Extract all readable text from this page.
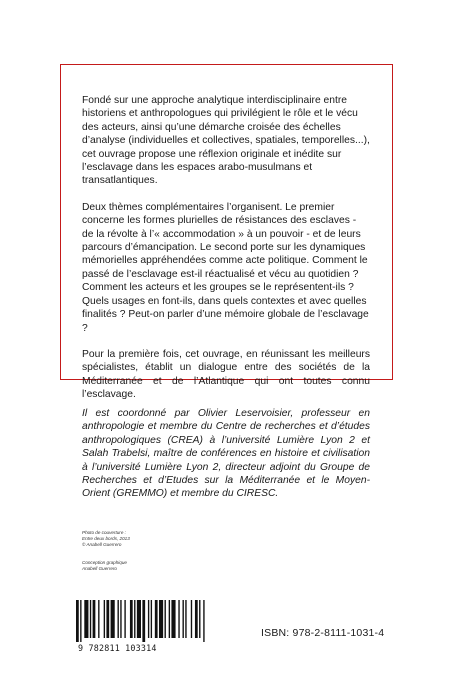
Fondé sur une approche analytique interdisciplinaire entre historiens et anthropologues qui privilégient le rôle et le vécu des acteurs, ainsi qu’une démarche croisée des échelles d’analyse (individuelles et collectives, spatiales, temporelles...), cet ouvrage propose une réflexion originale et inédite sur l’esclavage dans les espaces arabo-musulmans et transatlantiques.

Deux thèmes complémentaires l’organisent. Le premier concerne les formes plurielles de résistances des esclaves - de la révolte à l’« accommodation » à un pouvoir - et de leurs parcours d’émancipation. Le second porte sur les dynamiques mémorielles appréhendées comme acte politique. Comment le passé de l’esclavage est-il réactualisé et vécu au quotidien ? Comment les acteurs et les groupes se le représentent-ils ? Quels usages en font-ils, dans quels contextes et avec quelles finalités ? Peut-on parler d’une mémoire globale de l’esclavage ?

Pour la première fois, cet ouvrage, en réunissant les meilleurs spécialistes, établit un dialogue entre des sociétés de la Méditerranée et de l’Atlantique qui ont toutes connu l’esclavage.

Il est coordonné par Olivier Leservoisier, professeur en anthropologie et membre du Centre de recherches et d’études anthropologiques (CREA) à l’université Lumière Lyon 2 et Salah Trabelsi, maître de conférences en histoire et civilisation à l’université Lumière Lyon 2, directeur adjoint du Groupe de Recherches et d’Etudes sur la Méditerranée et le Moyen-Orient (GREMMO) et membre du CIRESC.

Photo de couverture :
Entre deux bords, 2013
© Anabell Guerrero
Conception graphique
Anabell Guerrero

9 782811 103314

ISBN: 978-2-8111-1031-4
